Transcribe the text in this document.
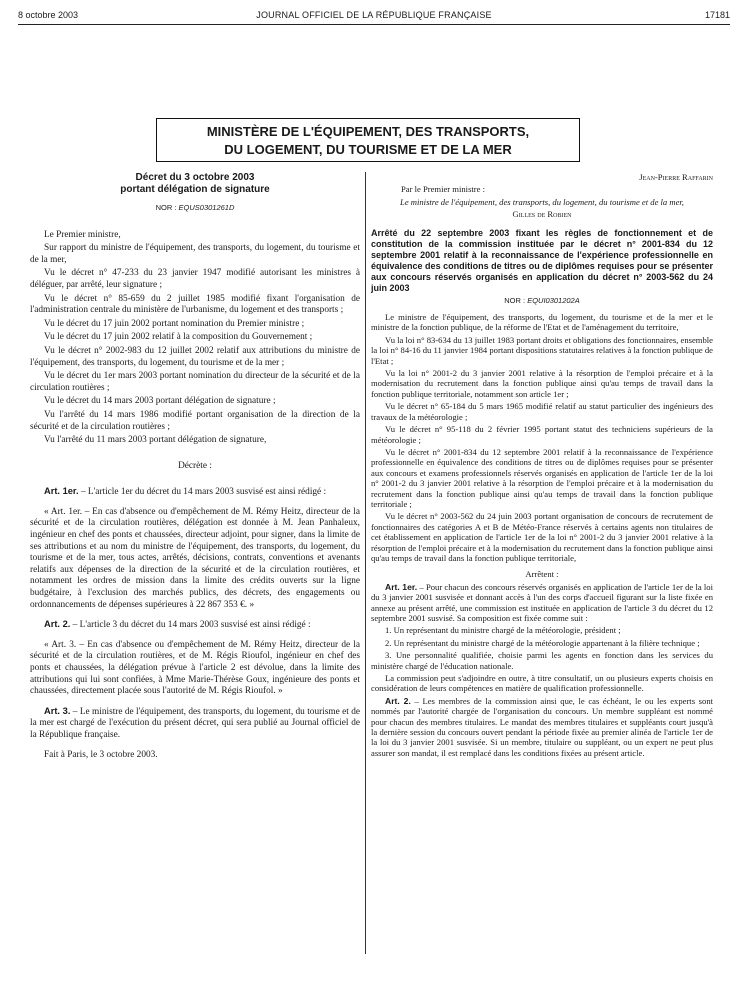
8 octobre 2003	JOURNAL OFFICIEL DE LA RÉPUBLIQUE FRANÇAISE	17181
MINISTÈRE DE L'ÉQUIPEMENT, DES TRANSPORTS,
DU LOGEMENT, DU TOURISME ET DE LA MER
Décret du 3 octobre 2003
portant délégation de signature
NOR : EQUS0301261D

Le Premier ministre,

Sur rapport du ministre de l'équipement, des transports, du logement, du tourisme et de la mer,

Vu le décret n° 47-233 du 23 janvier 1947 modifié autorisant les ministres à déléguer, par arrêté, leur signature ;

Vu le décret n° 85-659 du 2 juillet 1985 modifié fixant l'organisation de l'administration centrale du ministère de l'urbanisme, du logement et des transports ;

Vu le décret du 17 juin 2002 portant nomination du Premier ministre ;

Vu le décret du 17 juin 2002 relatif à la composition du Gouvernement ;

Vu le décret n° 2002-983 du 12 juillet 2002 relatif aux attributions du ministre de l'équipement, des transports, du logement, du tourisme et de la mer ;

Vu le décret du 1er mars 2003 portant nomination du directeur de la sécurité et de la circulation routières ;

Vu le décret du 14 mars 2003 portant délégation de signature ;

Vu l'arrêté du 14 mars 1986 modifié portant organisation de la direction de la sécurité et de la circulation routières ;

Vu l'arrêté du 11 mars 2003 portant délégation de signature,

Décrète :

Art. 1er. – L'article 1er du décret du 14 mars 2003 susvisé est ainsi rédigé :

« Art. 1er. – En cas d'absence ou d'empêchement de M. Rémy Heitz, directeur de la sécurité et de la circulation routières, délégation est donnée à M. Jean Panhaleux, ingénieur en chef des ponts et chaussées, directeur adjoint, pour signer, dans la limite de ses attributions et au nom du ministre de l'équipement, des transports, du logement, du tourisme et de la mer, tous actes, arrêtés, décisions, contrats, conventions et avenants relatifs aux dépenses de la direction de la sécurité et de la circulation routières, et notamment les ordres de mission dans la limite des crédits ouverts sur la ligne budgétaire, à l'exclusion des marchés publics, des décrets, des engagements ou ordonnancements de dépenses supérieures à 22 867 353 €. »

Art. 2. – L'article 3 du décret du 14 mars 2003 susvisé est ainsi rédigé :

« Art. 3. – En cas d'absence ou d'empêchement de M. Rémy Heitz, directeur de la sécurité et de la circulation routières, et de M. Régis Rioufol, ingénieur en chef des ponts et chaussées, la délégation prévue à l'article 2 est dévolue, dans la limite des attributions qui lui sont confiées, à Mme Marie-Thérèse Goux, ingénieure des ponts et chaussées, directement placée sous l'autorité de M. Régis Rioufol. »

Art. 3. – Le ministre de l'équipement, des transports, du logement, du tourisme et de la mer est chargé de l'exécution du présent décret, qui sera publié au Journal officiel de la République française.

Fait à Paris, le 3 octobre 2003.

Jean-Pierre Raffarin

Par le Premier ministre :

Le ministre de l'équipement, des transports, du logement, du tourisme et de la mer,

Gilles de Robien

Arrêté du 22 septembre 2003 fixant les règles de fonctionnement et de constitution de la commission instituée par le décret n° 2001-834 du 12 septembre 2001 relatif à la reconnaissance de l'expérience professionnelle en équivalence des conditions de titres ou de diplômes requises pour se présenter aux concours réservés organisés en application du décret n° 2003-562 du 24 juin 2003
NOR : EQUI0301202A

Le ministre de l'équipement, des transports, du logement, du tourisme et de la mer et le ministre de la fonction publique, de la réforme de l'Etat et de l'aménagement du territoire,

Vu la loi n° 83-634 du 13 juillet 1983 portant droits et obligations des fonctionnaires, ensemble la loi n° 84-16 du 11 janvier 1984 portant dispositions statutaires relatives à la fonction publique de l'Etat ;

Vu la loi n° 2001-2 du 3 janvier 2001 relative à la résorption de l'emploi précaire et à la modernisation du recrutement dans la fonction publique ainsi qu'au temps de travail dans la fonction publique territoriale, notamment son article 1er ;

Vu le décret n° 65-184 du 5 mars 1965 modifié relatif au statut particulier des ingénieurs des travaux de la météorologie ;

Vu le décret n° 95-118 du 2 février 1995 portant statut des techniciens supérieurs de la météorologie ;

Vu le décret n° 2001-834 du 12 septembre 2001 relatif à la reconnaissance de l'expérience professionnelle en équivalence des conditions de titres ou de diplômes requises pour se présenter aux concours et examens professionnels réservés organisés en application de l'article 1er de la loi n° 2001-2 du 3 janvier 2001 relative à la résorption de l'emploi précaire et à la modernisation du recrutement dans la fonction publique ainsi qu'au temps de travail dans la fonction publique territoriale ;

Vu le décret n° 2003-562 du 24 juin 2003 portant organisation de concours de recrutement de fonctionnaires des catégories A et B de Météo-France réservés à certains agents non titulaires de cet établissement en application de l'article 1er de la loi n° 2001-2 du 3 janvier 2001 relative à la résorption de l'emploi précaire et à la modernisation du recrutement dans la fonction publique ainsi qu'au temps de travail dans la fonction publique territoriale,

Arrêtent :

Art. 1er. – Pour chacun des concours réservés organisés en application de l'article 1er de la loi du 3 janvier 2001 susvisée et donnant accès à l'un des corps d'accueil figurant sur la liste fixée en annexe au présent arrêté, une commission est instituée en application de l'article 3 du décret du 12 septembre 2001 susvisé. Sa composition est fixée comme suit :

1. Un représentant du ministre chargé de la météorologie, président ;

2. Un représentant du ministre chargé de la météorologie appartenant à la filière technique ;

3. Une personnalité qualifiée, choisie parmi les agents en fonction dans les services du ministère chargé de l'éducation nationale.

La commission peut s'adjoindre en outre, à titre consultatif, un ou plusieurs experts choisis en considération de leurs compétences en matière de qualification professionnelle.

Art. 2. – Les membres de la commission ainsi que, le cas échéant, le ou les experts sont nommés par l'autorité chargée de l'organisation du concours. Un membre suppléant est nommé pour chacun des membres titulaires. Le mandat des membres titulaires et suppléants court jusqu'à la dernière session du concours ouvert pendant la période fixée au premier alinéa de l'article 1er de la loi du 3 janvier 2001 susvisée. Si un membre, titulaire ou suppléant, ou un expert ne peut plus assurer son mandat, il est remplacé dans les conditions fixées au présent article.
